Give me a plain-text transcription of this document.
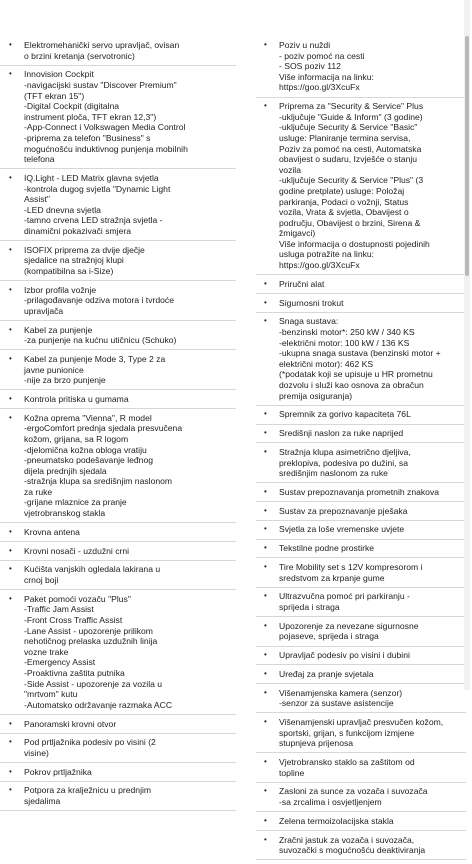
• Elektromehanički servo upravljač, ovisan
o brzini kretanja (servotronic)
• Innovision Cockpit
-navigacijski sustav "Discover Premium"
(TFT ekran 15")
-Digital Cockpit (digitalna
instrument ploča, TFT ekran 12,3")
-App-Connect i Volkswagen Media Control
-priprema za telefon "Business" s
mogućnošću induktivnog punjenja mobilnih
telefona
• IQ.Light - LED Matrix glavna svjetla
-kontrola dugog svjetla "Dynamic Light
Assist"
-LED dnevna svjetla
-tamno crvena LED stražnja svjetla -
dinamični pokazivači smjera
• ISOFIX priprema za dvije dječje
sjedalice na stražnjoj klupi
(kompatibilna sa i-Size)
• Izbor profila vožnje
-prilagođavanje odziva motora i tvrdoće
upravljača
• Kabel za punjenje
-za punjenje na kućnu utičnicu (Schuko)
• Kabel za punjenje Mode 3, Type 2 za
javne punionice
-nije za brzo punjenje
• Kontrola pritiska u gumama
• Kožna oprema "Vienna", R model
-ergoComfort prednja sjedala presvučena
kožom, grijana, sa R logom
-djelomična kožna obloga vratiju
-pneumatsko podešavanje leđnog
dijela prednjih sjedala
-stražnja klupa sa središnjim naslonom
za ruke
-grijane mlaznice za pranje
vjetrobranskog stakla
• Krovna antena
• Krovni nosači - uzdužni crni
• Kućišta vanjskih ogledala lakirana u
crnoj boji
• Paket pomoći vozaču "Plus"
-Traffic Jam Assist
-Front Cross Traffic Assist
-Lane Assist - upozorenje prilikom
nehotičnog prelaska uzdužnih linija
vozne trake
-Emergency Assist
-Proaktivna zaštita putnika
-Side Assist - upozorenje za vozila u
"mrtvom" kutu
-Automatsko održavanje razmaka ACC
• Panoramski krovni otvor
• Pod prtljažnika podesiv po visini (2
visine)
• Pokrov prtljažnika
• Potpora za kralježnicu u prednjim
sjedalima
• Poziv u nuždi
- poziv pomoć na cesti
- SOS poziv 112
Više informacija na linku:
https://goo.gl/3XcuFx
• Priprema za "Security & Service" Plus
-uključuje "Guide & Inform" (3 godine)
-uključuje Security & Service "Basic"
usluge: Planiranje termina servisa,
Poziv za pomoć na cesti, Automatska
obavijest o sudaru, Izvješće o stanju
vozila
-uključuje Security & Service "Plus" (3
godine pretplate) usluge: Položaj
parkiranja, Podaci o vožnji, Status
vozila, Vrata & svjetla, Obavijest o
području, Obavijest o brzini, Sirena &
žmigavci)
Više informacija o dostupnosti pojedinih
usluga potražite na linku:
https://goo.gl/3XcuFx
• Priručni alat
• Sigurnosni trokut
• Snaga sustava:
-benzinski motor*: 250 kW / 340 KS
-električni motor: 100 kW / 136 KS
-ukupna snaga sustava (benzinski motor +
električni motor): 462 KS
(*podatak koji se upisuje u HR prometnu
dozvolu i služi kao osnova za obračun
premija osiguranja)
• Spremnik za gorivo kapaciteta 76L
• Središnji naslon za ruke naprijed
• Stražnja klupa asimetrično djeljiva,
preklopiva, podesiva po dužini, sa
središnjim naslonom za ruke
• Sustav prepoznavanja prometnih znakova
• Sustav za prepoznavanje pješaka
• Svjetla za loše vremenske uvjete
• Tekstilne podne prostirke
• Tire Mobility set s 12V kompresorom i
sredstvom za krpanje gume
• Ultrazvučna pomoć pri parkiranju -
sprijeda i straga
• Upozorenje za nevezane sigurnosne
pojaseve, sprijeda i straga
• Upravljač podesiv po visini i dubini
• Uređaj za pranje svjetala
• Višenamjenska kamera (senzor)
-senzor za sustave asistencije
• Višenamjenski upravljač presvučen kožom,
sportski, grijan, s funkcijom izmjene
stupnjeva prijenosa
• Vjetrobransko staklo sa zaštitom od
topline
• Zasloni za sunce za vozača i suvozača
-sa zrcalima i osvjetljenjem
• Zelena termoizolacijska stakla
• Zračni jastuk za vozača i suvozača,
suvozački s mogućnošću deaktiviranja
